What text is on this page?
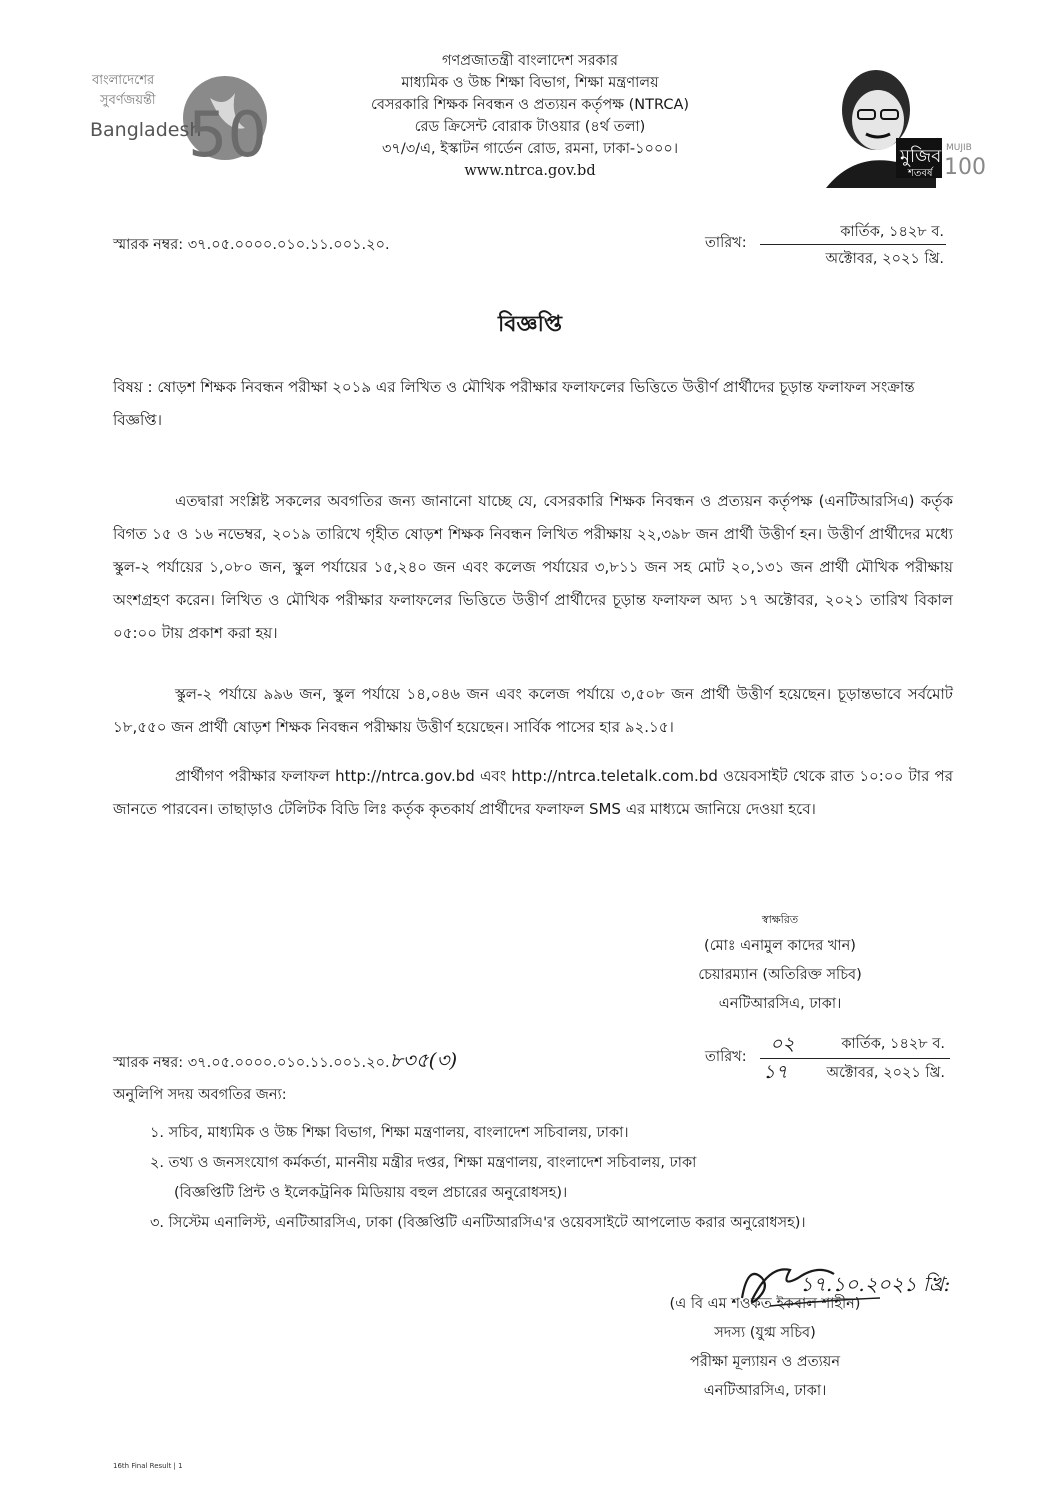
বাংলাদেশের
সুবর্ণজয়ন্তী
Bangladesh
50	মুজিব
শতবর্ষ
MUJIB
100
গণপ্রজাতন্ত্রী বাংলাদেশ সরকার
মাধ্যমিক ও উচ্চ শিক্ষা বিভাগ, শিক্ষা মন্ত্রণালয়
বেসরকারি শিক্ষক নিবন্ধন ও প্রত্যয়ন কর্তৃপক্ষ (NTRCA)
রেড ক্রিসেন্ট বোরাক টাওয়ার (৪র্থ তলা)
৩৭/৩/এ, ইস্কাটন গার্ডেন রোড, রমনা, ঢাকা-১০০০।
www.ntrca.gov.bd
স্মারক নম্বর: ৩৭.০৫.০০০০.০১০.১১.০০১.২০.	তারিখ:
কার্তিক, ১৪২৮ ব.
অক্টোবর, ২০২১ খ্রি.
বিজ্ঞপ্তি
বিষয় : ষোড়শ শিক্ষক নিবন্ধন পরীক্ষা ২০১৯ এর লিখিত ও মৌখিক পরীক্ষার ফলাফলের ভিত্তিতে উত্তীর্ণ প্রার্থীদের চূড়ান্ত ফলাফল সংক্রান্ত বিজ্ঞপ্তি।
এতদ্বারা সংশ্লিষ্ট সকলের অবগতির জন্য জানানো যাচ্ছে যে, বেসরকারি শিক্ষক নিবন্ধন ও প্রত্যয়ন কর্তৃপক্ষ (এনটিআরসিএ) কর্তৃক বিগত ১৫ ও ১৬ নভেম্বর, ২০১৯ তারিখে গৃহীত ষোড়শ শিক্ষক নিবন্ধন লিখিত পরীক্ষায় ২২,৩৯৮ জন প্রার্থী উত্তীর্ণ হন। উত্তীর্ণ প্রার্থীদের মধ্যে স্কুল-২ পর্যায়ের ১,০৮০ জন, স্কুল পর্যায়ের ১৫,২৪০ জন এবং কলেজ পর্যায়ের ৩,৮১১ জন সহ মোট ২০,১৩১ জন প্রার্থী মৌখিক পরীক্ষায় অংশগ্রহণ করেন। লিখিত ও মৌখিক পরীক্ষার ফলাফলের ভিত্তিতে উত্তীর্ণ প্রার্থীদের চূড়ান্ত ফলাফল অদ্য ১৭ অক্টোবর, ২০২১ তারিখ বিকাল ০৫:০০ টায় প্রকাশ করা হয়।
স্কুল-২ পর্যায়ে ৯৯৬ জন, স্কুল পর্যায়ে ১৪,০৪৬ জন এবং কলেজ পর্যায়ে ৩,৫০৮ জন প্রার্থী উত্তীর্ণ হয়েছেন। চূড়ান্তভাবে সর্বমোট ১৮,৫৫০ জন প্রার্থী ষোড়শ শিক্ষক নিবন্ধন পরীক্ষায় উত্তীর্ণ হয়েছেন। সার্বিক পাসের হার ৯২.১৫।
প্রার্থীগণ পরীক্ষার ফলাফল http://ntrca.gov.bd এবং http://ntrca.teletalk.com.bd ওয়েবসাইট থেকে রাত ১০:০০ টার পর জানতে পারবেন। তাছাড়াও টেলিটক বিডি লিঃ কর্তৃক কৃতকার্য প্রার্থীদের ফলাফল SMS এর মাধ্যমে জানিয়ে দেওয়া হবে।
স্বাক্ষরিত
(মোঃ এনামুল কাদের খান)
চেয়ারম্যান (অতিরিক্ত সচিব)
এনটিআরসিএ, ঢাকা।
স্মারক নম্বর: ৩৭.০৫.০০০০.০১০.১১.০০১.২০.৮৩৫(৩)	তারিখ:
০২	কার্তিক, ১৪২৮ ব.
১৭	অক্টোবর, ২০২১ খ্রি.
অনুলিপি সদয় অবগতির জন্য:
১. সচিব, মাধ্যমিক ও উচ্চ শিক্ষা বিভাগ, শিক্ষা মন্ত্রণালয়, বাংলাদেশ সচিবালয়, ঢাকা।
২. তথ্য ও জনসংযোগ কর্মকর্তা, মাননীয় মন্ত্রীর দপ্তর, শিক্ষা মন্ত্রণালয়, বাংলাদেশ সচিবালয়, ঢাকা
(বিজ্ঞপ্তিটি প্রিন্ট ও ইলেকট্রনিক মিডিয়ায় বহুল প্রচারের অনুরোধসহ)।
৩. সিস্টেম এনালিস্ট, এনটিআরসিএ, ঢাকা (বিজ্ঞপ্তিটি এনটিআরসিএ'র ওয়েবসাইটে আপলোড করার অনুরোধসহ)।
১৭.১০.২০২১ খ্রি:
(এ বি এম শওকত ইকবাল শাহীন)
সদস্য (যুগ্ম সচিব)
পরীক্ষা মূল্যায়ন ও প্রত্যয়ন
এনটিআরসিএ, ঢাকা।
16th Final Result | 1
